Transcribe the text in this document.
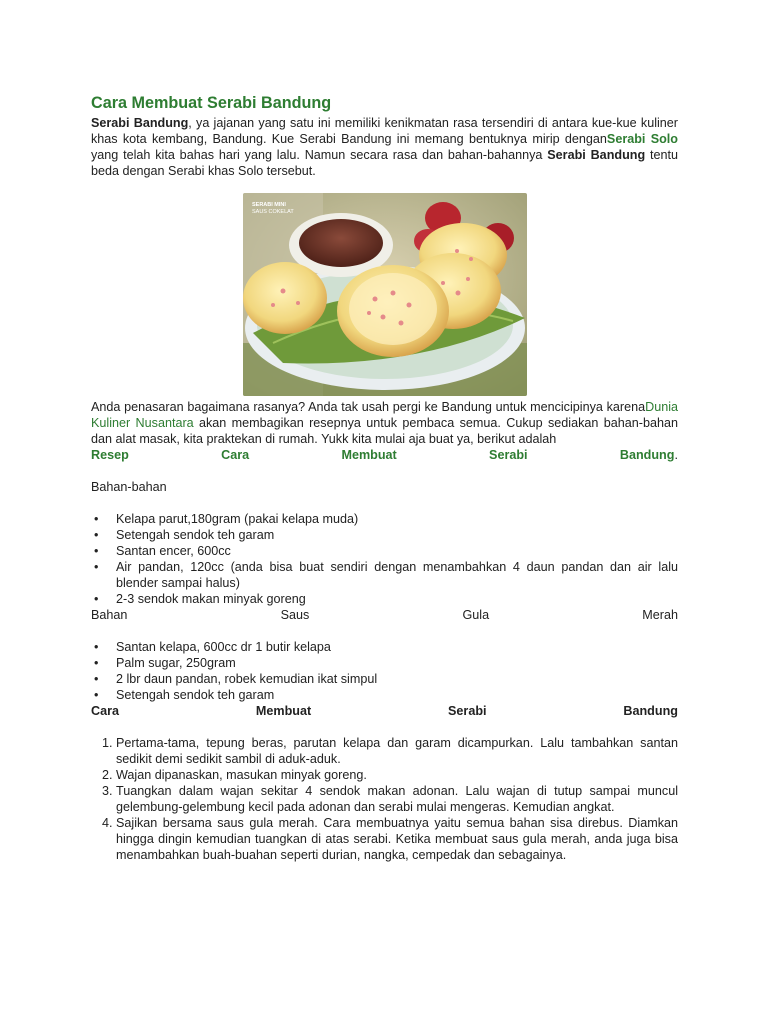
Cara Membuat Serabi Bandung

Serabi Bandung, ya jajanan yang satu ini memiliki kenikmatan rasa tersendiri di antara kue-kue kuliner khas kota kembang, Bandung. Kue Serabi Bandung ini memang bentuknya mirip denganSerabi Solo yang telah kita bahas hari yang lalu. Namun secara rasa dan bahan-bahannya Serabi Bandung tentu beda dengan Serabi khas Solo tersebut.

SERABI MINI
SAUS COKELAT

Anda penasaran bagaimana rasanya? Anda tak usah pergi ke Bandung untuk mencicipinya karenaDunia Kuliner Nusantara akan membagikan resepnya untuk pembaca semua. Cukup sediakan bahan-bahan dan alat masak, kita praktekan di rumah. Yukk kita mulai aja buat ya, berikut adalah

Resep	Cara	Membuat	Serabi	Bandung.
Bahan-bahan
• Kelapa parut,180gram (pakai kelapa muda)
• Setengah sendok teh garam
• Santan encer, 600cc
• Air pandan, 120cc (anda bisa buat sendiri dengan menambahkan 4 daun pandan dan air lalu blender sampai halus)
• 2-3 sendok makan minyak goreng
Bahan	Saus	Gula	Merah
• Santan kelapa, 600cc dr 1 butir kelapa
• Palm sugar, 250gram
• 2 lbr daun pandan, robek kemudian ikat simpul
• Setengah sendok teh garam
Cara	Membuat	Serabi	Bandung
1. Pertama-tama, tepung beras, parutan kelapa dan garam dicampurkan. Lalu tambahkan santan sedikit demi sedikit sambil di aduk-aduk.
2. Wajan dipanaskan, masukan minyak goreng.
3. Tuangkan dalam wajan sekitar 4 sendok makan adonan. Lalu wajan di tutup sampai muncul gelembung-gelembung kecil pada adonan dan serabi mulai mengeras. Kemudian angkat.
4. Sajikan bersama saus gula merah. Cara membuatnya yaitu semua bahan sisa direbus. Diamkan hingga dingin kemudian tuangkan di atas serabi. Ketika membuat saus gula merah, anda juga bisa menambahkan buah-buahan seperti durian, nangka, cempedak dan sebagainya.
